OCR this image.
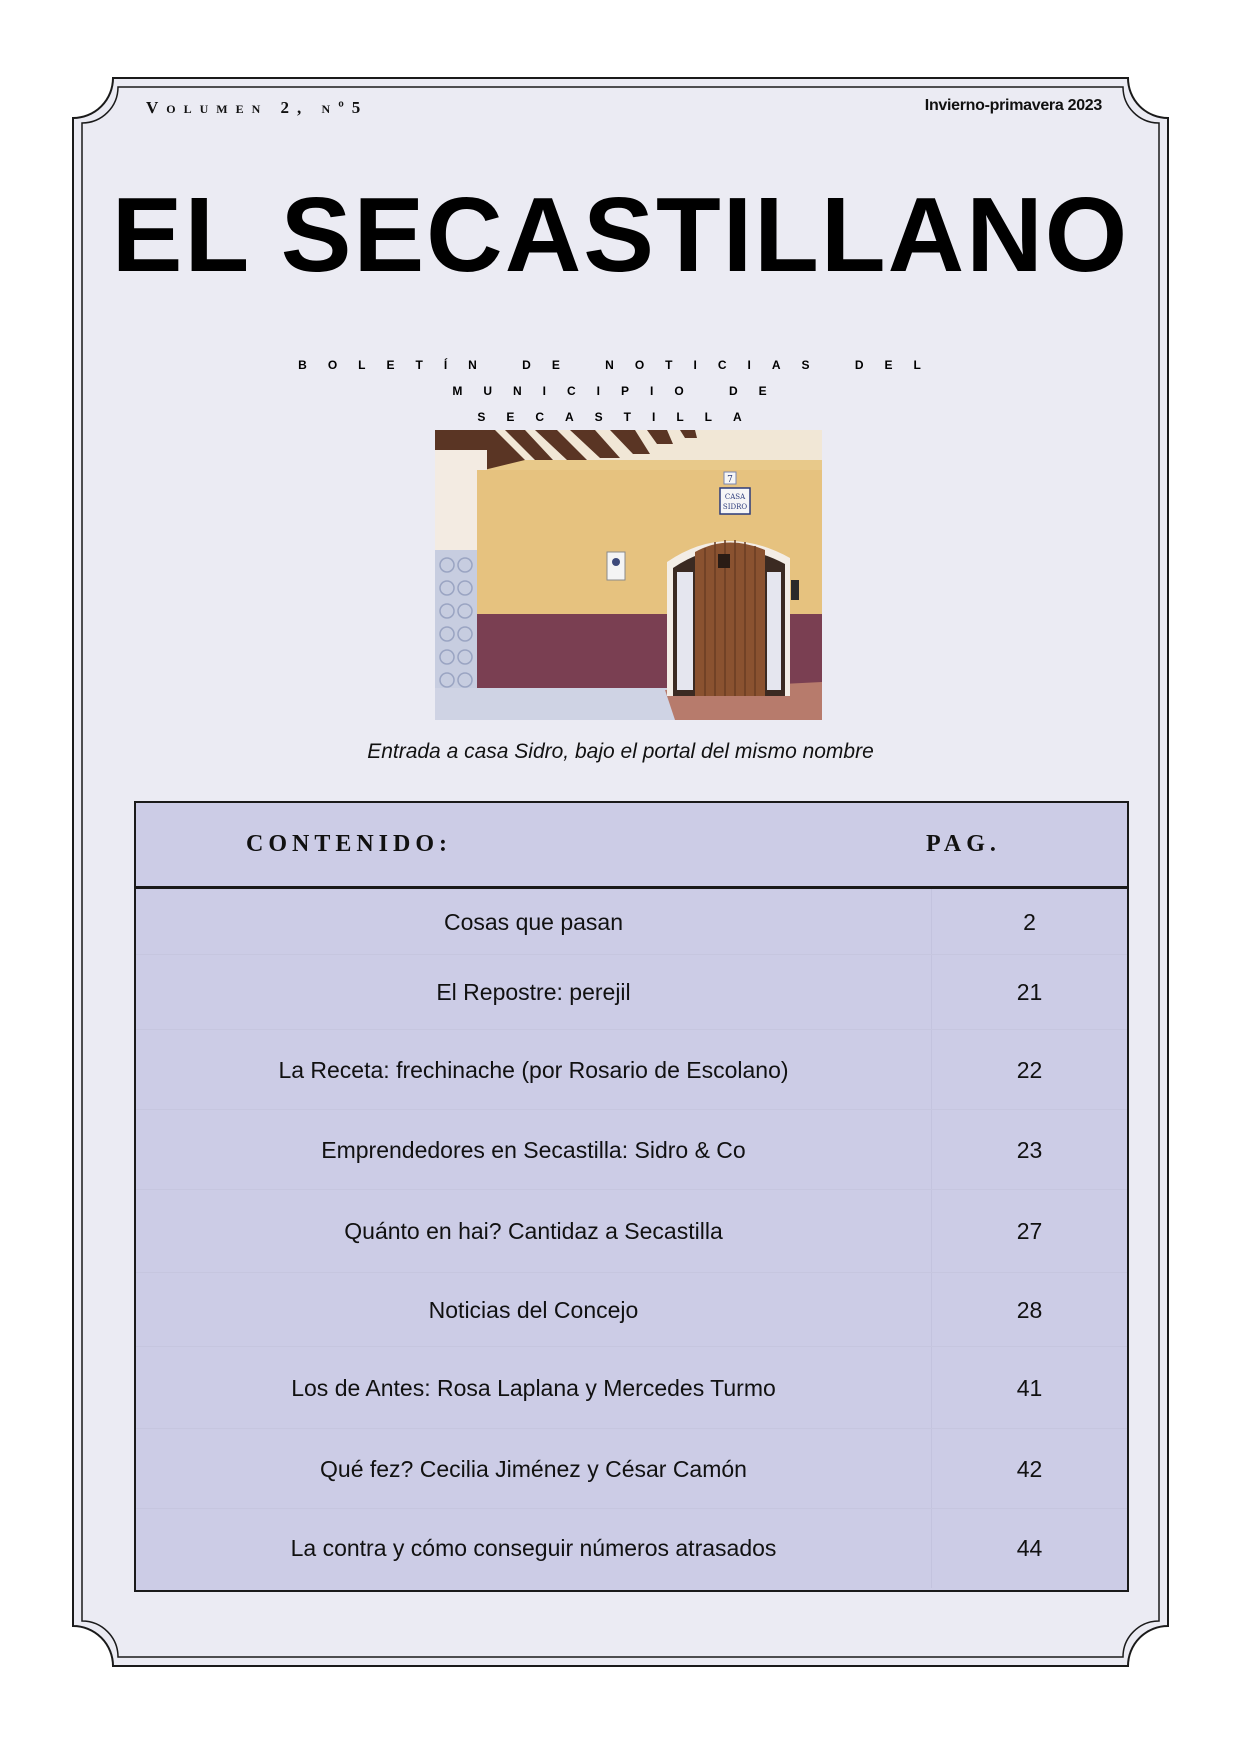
Volumen 2, nº5	Invierno-primavera 2023
EL SECASTILLANO
BOLETÍN DE NOTICIAS DEL MUNICIPIO DE
SECASTILLA
7
CASA
SIDRO
Entrada a casa Sidro, bajo el portal del mismo nombre
CONTENIDO:	PAG.
Cosas que pasan	2
El Repostre: perejil	21
La Receta: frechinache (por Rosario de Escolano)	22
Emprendedores en Secastilla: Sidro & Co	23
Quánto en hai? Cantidaz a Secastilla	27
Noticias del Concejo	28
Los de Antes: Rosa Laplana y Mercedes Turmo	41
Qué fez? Cecilia Jiménez y César Camón	42
La contra y cómo conseguir números atrasados	44
